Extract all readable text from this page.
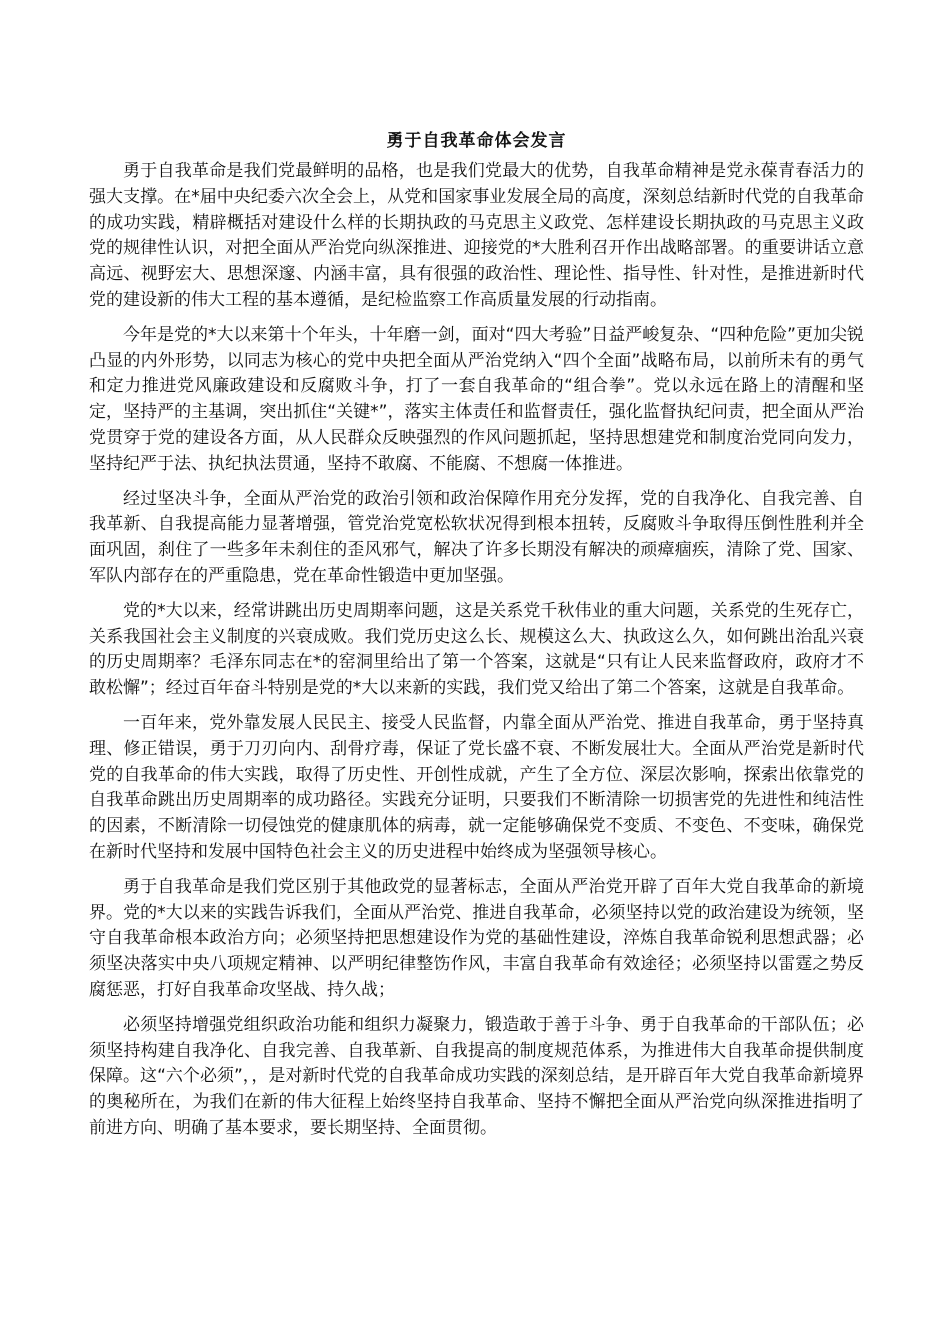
勇于自我革命体会发言

勇于自我革命是我们党最鲜明的品格，也是我们党最大的优势，自我革命精神是党永葆青春活力的强大支撑。在*届中央纪委六次全会上，从党和国家事业发展全局的高度，深刻总结新时代党的自我革命的成功实践，精辟概括对建设什么样的长期执政的马克思主义政党、怎样建设长期执政的马克思主义政党的规律性认识，对把全面从严治党向纵深推进、迎接党的*大胜利召开作出战略部署。的重要讲话立意高远、视野宏大、思想深邃、内涵丰富，具有很强的政治性、理论性、指导性、针对性，是推进新时代党的建设新的伟大工程的基本遵循，是纪检监察工作高质量发展的行动指南。

今年是党的*大以来第十个年头，十年磨一剑，面对“四大考验”日益严峻复杂、“四种危险”更加尖锐凸显的内外形势，以同志为核心的党中央把全面从严治党纳入“四个全面”战略布局，以前所未有的勇气和定力推进党风廉政建设和反腐败斗争，打了一套自我革命的“组合拳”。党以永远在路上的清醒和坚定，坚持严的主基调，突出抓住“关键*”，落实主体责任和监督责任，强化监督执纪问责，把全面从严治党贯穿于党的建设各方面，从人民群众反映强烈的作风问题抓起，坚持思想建党和制度治党同向发力，坚持纪严于法、执纪执法贯通，坚持不敢腐、不能腐、不想腐一体推进。

经过坚决斗争，全面从严治党的政治引领和政治保障作用充分发挥，党的自我净化、自我完善、自我革新、自我提高能力显著增强，管党治党宽松软状况得到根本扭转，反腐败斗争取得压倒性胜利并全面巩固，刹住了一些多年未刹住的歪风邪气，解决了许多长期没有解决的顽瘴痼疾，清除了党、国家、军队内部存在的严重隐患，党在革命性锻造中更加坚强。

党的*大以来，经常讲跳出历史周期率问题，这是关系党千秋伟业的重大问题，关系党的生死存亡，关系我国社会主义制度的兴衰成败。我们党历史这么长、规模这么大、执政这么久，如何跳出治乱兴衰的历史周期率？毛泽东同志在*的窑洞里给出了第一个答案，这就是“只有让人民来监督政府，政府才不敢松懈”；经过百年奋斗特别是党的*大以来新的实践，我们党又给出了第二个答案，这就是自我革命。

一百年来，党外靠发展人民民主、接受人民监督，内靠全面从严治党、推进自我革命，勇于坚持真理、修正错误，勇于刀刃向内、刮骨疗毒，保证了党长盛不衰、不断发展壮大。全面从严治党是新时代党的自我革命的伟大实践，取得了历史性、开创性成就，产生了全方位、深层次影响，探索出依靠党的自我革命跳出历史周期率的成功路径。实践充分证明，只要我们不断清除一切损害党的先进性和纯洁性的因素，不断清除一切侵蚀党的健康肌体的病毒，就一定能够确保党不变质、不变色、不变味，确保党在新时代坚持和发展中国特色社会主义的历史进程中始终成为坚强领导核心。

勇于自我革命是我们党区别于其他政党的显著标志，全面从严治党开辟了百年大党自我革命的新境界。党的*大以来的实践告诉我们，全面从严治党、推进自我革命，必须坚持以党的政治建设为统领，坚守自我革命根本政治方向；必须坚持把思想建设作为党的基础性建设，淬炼自我革命锐利思想武器；必须坚决落实中央八项规定精神、以严明纪律整饬作风，丰富自我革命有效途径；必须坚持以雷霆之势反腐惩恶，打好自我革命攻坚战、持久战；

必须坚持增强党组织政治功能和组织力凝聚力，锻造敢于善于斗争、勇于自我革命的干部队伍；必须坚持构建自我净化、自我完善、自我革新、自我提高的制度规范体系，为推进伟大自我革命提供制度保障。这“六个必须”，，是对新时代党的自我革命成功实践的深刻总结，是开辟百年大党自我革命新境界的奥秘所在，为我们在新的伟大征程上始终坚持自我革命、坚持不懈把全面从严治党向纵深推进指明了前进方向、明确了基本要求，要长期坚持、全面贯彻。
